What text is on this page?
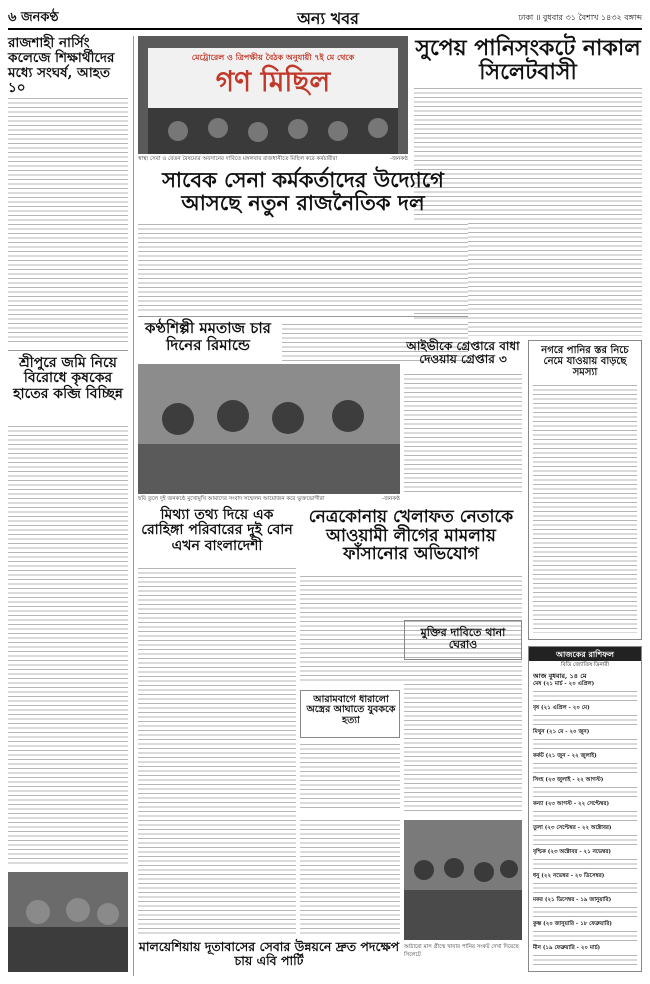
৬ জনকণ্ঠ	অন্য খবর	ঢাকা ॥ বুধবার ৩১ বৈশাখ ১৪৩২ বঙ্গাব্দ
রাজশাহী নার্সিং কলেজে শিক্ষার্থীদের মধ্যে সংঘর্ষ, আহত ১০
শ্রীপুরে জমি নিয়ে বিরোধে কৃষকের হাতের কব্জি বিচ্ছিন্ন
মেট্রোরেল ও ত্রিপক্ষীয় বৈঠক অনুযায়ী ৭ই মে থেকে
গণ মিছিল
স্বাস্থ্য সেবা ও বেতন বৈষম্যের অবসানের দাবিতে মঙ্গলবার রাজধানীতে মিছিল করে কর্মচারীরা	-জনকণ্ঠ
সুপেয় পানিসংকটে নাকাল সিলেটবাসী
সাবেক সেনা কর্মকর্তাদের উদ্যোগে আসছে নতুন রাজনৈতিক দল
কণ্ঠশিল্পী মমতাজ চার দিনের রিমান্ডে
ছবি তুলে দুই জনকণ্ঠে মুখোমুখি আমাদের সংবাদ সম্মেলন আয়োজন করে ভুক্তভোগীরা	-জনকণ্ঠ
আইভীকে গ্রেপ্তারে বাধা দেওয়ায় গ্রেপ্তার ৩
নগরে পানির স্তর নিচে নেমে যাওয়ায় বাড়ছে সমস্যা
নেত্রকোনায় খেলাফত নেতাকে আওয়ামী লীগের মামলায় ফাঁসানোর অভিযোগ
মিথ্যা তথ্য দিয়ে এক রোহিঙ্গা পরিবারের দুই বোন এখন বাংলাদেশী
মুক্তির দাবিতে থানা ঘেরাও
আরামবাগে ধারালো অস্ত্রের আঘাতে যুবককে হত্যা
আজকের রাশিফল
বিডি জ্যোতিষ ডিনারী
আজ বুধবার, ১৪ মে
মেষ (২১ মার্চ - ২০ এপ্রিল)
বৃষ (২১ এপ্রিল - ২০ মে)
মিথুন (২১ মে - ২০ জুন)
কর্কট (২১ জুন - ২২ জুলাই)
সিংহ (২৩ জুলাই - ২২ আগস্ট)
কন্যা (২৩ আগস্ট - ২২ সেপ্টেম্বর)
তুলা (২৩ সেপ্টেম্বর - ২২ অক্টোবর)
বৃশ্চিক (২৩ অক্টোবর - ২১ নভেম্বর)
ধনু (২২ নভেম্বর - ২০ ডিসেম্বর)
মকর (২১ ডিসেম্বর - ১৯ জানুয়ারি)
কুম্ভ (২০ জানুয়ারি - ১৮ ফেব্রুয়ারি)
মীন (১৯ ফেব্রুয়ারি - ২০ মার্চ)
আঠারো মাস গ্রীষ্মে খাবার পানির সংকট দেখা দিয়েছে সিলেটে
মালয়েশিয়ায় দূতাবাসের সেবার উন্নয়নে দ্রুত পদক্ষেপ চায় এবি পার্টি
